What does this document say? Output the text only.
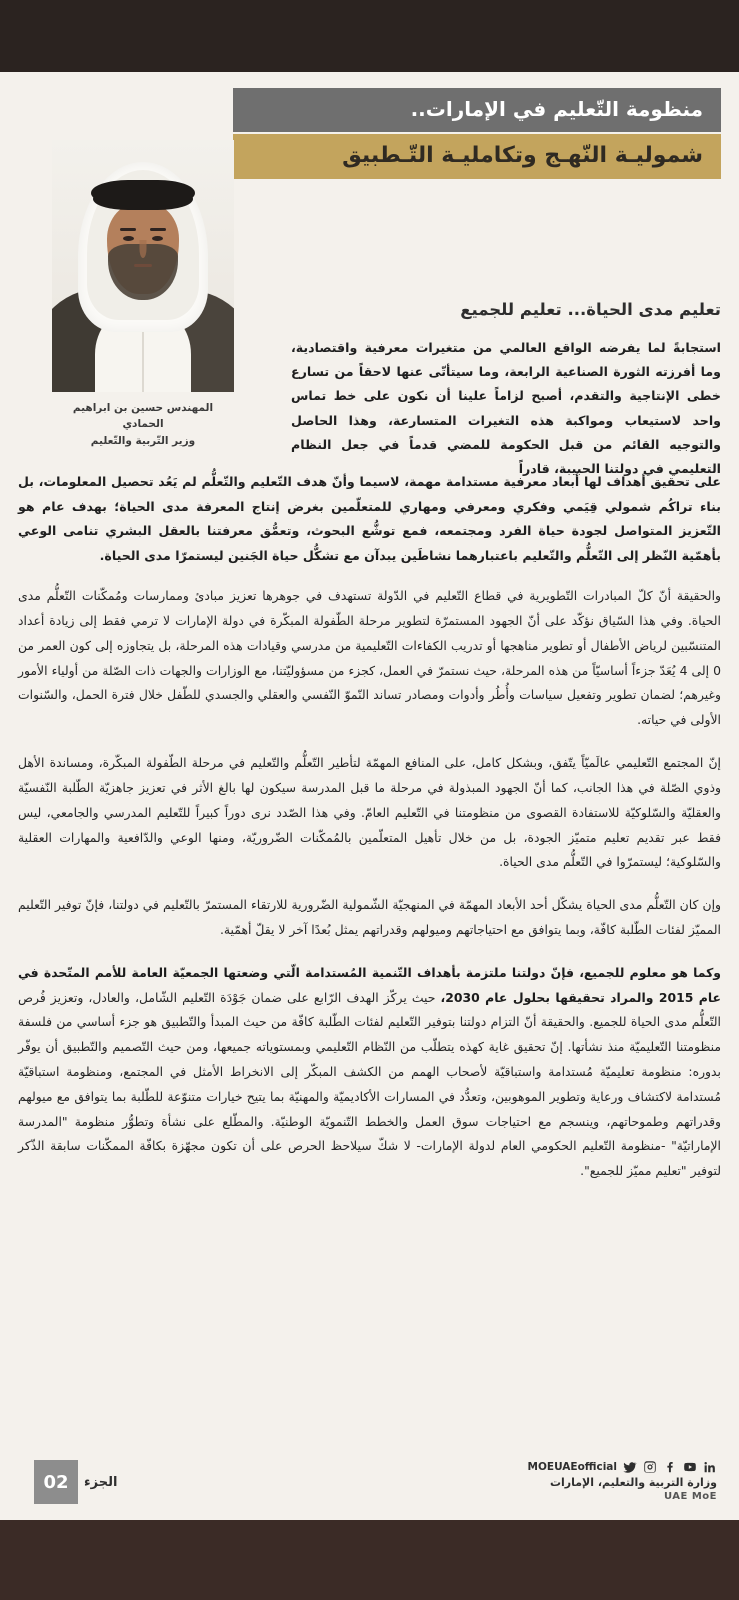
منظومة التّعليم في الإمارات..
شموليـة النّهـج وتكامليـة التّـطبيق
المهندس حسين بن ابراهيم الحمادي
وزير التّربية والتّعليم
تعليم مدى الحياة... تعليم للجميع
استجابةً لما يفرضه الواقع العالمي من متغيرات معرفية واقتصادية، وما أفرزته الثورة الصناعية الرابعة، وما سيتأتّى عنها لاحقاً من تسارع خطى الإنتاجية والتقدم، أصبح لزاماً علينا أن نكون على خط تماس واحد لاستيعاب ومواكبة هذه التغيرات المتسارعة، وهذا الحاصل والتوجيه القائم من قبل الحكومة للمضي قدماً في جعل النظام التعليمي في دولتنا الحبيبة، قادراً

على تحقيق أهداف لها أبعاد معرفية مستدامة مهمة، لاسيما وأنّ هدف التّعليم والتّعلُّم لم يَعُد تحصيل المعلومات، بل بناء تراكُم شمولي قِيَمي وفكري ومعرفي ومهاري للمتعلّمين بغرض إنتاج المعرفة مدى الحياة؛ بهدف عام هو التّعزيز المتواصل لجودة حياة الفرد ومجتمعه، فمع توشُّع البحوث، وتعمُّق معرفتنا بالعقل البشري تنامى الوعي بأهمّية النّظر إلى التّعلُّم والتّعليم باعتبارهما نشاطَين يبدآن مع تشكُّل حياة الجَنين ليستمرّا مدى الحياة.

والحقيقة أنّ كلّ المبادرات التّطويرية في قطاع التّعليم في الدّولة تستهدف في جوهرها تعزيز مبادئ وممارسات ومُمكّنات التّعلُّم مدى الحياة. وفي هذا السّياق نؤكّد على أنّ الجهود المستمرّة لتطوير مرحلة الطّفولة المبكّرة في دولة الإمارات لا ترمي فقط إلى زيادة أعداد المتنسّبين لرياض الأطفال أو تطوير مناهجها أو تدريب الكفاءات التّعليمية من مدرسي وقيادات هذه المرحلة، بل يتجاوزه إلى كون العمر من 0 إلى 4 يُعَدّ جزءاً أساسيّاً من هذه المرحلة، حيث نستمرّ في العمل، كجزء من مسؤوليّتنا، مع الوزارات والجهات ذات الصّلة من أولياء الأمور وغيرهم؛ لضمان تطوير وتفعيل سياسات وأُطُر وأدوات ومصادر تساند النّموّ النّفسي والعقلي والجسدي للطّفل خلال فترة الحمل، والسّنوات الأولى في حياته.

إنّ المجتمع التّعليمي عالَميّاً يتّفق، وبشكل كامل، على المنافع المهمّة لتأطير التّعلُّم والتّعليم في مرحلة الطّفولة المبكّرة، ومساندة الأهل وذوي الصّلة في هذا الجانب، كما أنّ الجهود المبذولة في مرحلة ما قبل المدرسة سيكون لها بالغ الأثر في تعزيز جاهزيّة الطّلبة النّفسيّة والعقليّة والسّلوكيّة للاستفادة القصوى من منظومتنا في التّعليم العامّ. وفي هذا الصّدد نرى دوراً كبيراً للتّعليم المدرسي والجامعي، ليس فقط عبر تقديم تعليم متميّز الجودة، بل من خلال تأهيل المتعلّمين بالمُمكّنات الضّروريّة، ومنها الوعي والدّافعية والمهارات العقلية والسّلوكية؛ ليستمرّوا في التّعلُّم مدى الحياة.

وإن كان التّعلُّم مدى الحياة يشكّل أحد الأبعاد المهمّة في المنهجيّة الشّمولية الضّرورية للارتقاء المستمرّ بالتّعليم في دولتنا، فإنّ توفير التّعليم المميّز لفئات الطّلبة كافّة، وبما يتوافق مع احتياجاتهم وميولهم وقدراتهم يمثل بُعدًا آخر لا يقلّ أهمّية.

وكما هو معلوم للجميع، فإنّ دولتنا ملتزمة بأهداف التّنمية المُستدامة الّتي وضعتها الجمعيّة العامة للأمم المتّحدة في عام 2015 والمراد تحقيقها بحلول عام 2030، حيث يركّز الهدف الرّابع على ضمان جَوْدَة التّعليم الشّامل، والعادل، وتعزيز فُرص التّعلُّم مدى الحياة للجميع. والحقيقة أنّ التزام دولتنا بتوفير التّعليم لفئات الطّلبة كافّة من حيث المبدأ والتّطبيق هو جزء أساسي من فلسفة منظومتنا التّعليميّة منذ نشأتها. إنّ تحقيق غاية كهذه يتطلّب من النّظام التّعليمي وبمستوياته جميعها، ومن حيث التّصميم والتّطبيق أن يوفّر بدوره: منظومة تعليميّة مُستدامة واستباقيّة لأصحاب الهمم من الكشف المبكّر إلى الانخراط الأمثل في المجتمع، ومنظومة استباقيّة مُستدامة لاكتشاف ورعاية وتطوير الموهوبين، وتعدُّد في المسارات الأكاديميّة والمهنيّة بما يتيح خيارات متنوّعة للطّلبة بما يتوافق مع ميولهم وقدراتهم وطموحاتهم، وينسجم مع احتياجات سوق العمل والخطط التّنمويّة الوطنيّة. والمطّلع على نشأة وتطوُّر منظومة "المدرسة الإماراتيّة" -منظومة التّعليم الحكومي العام لدولة الإمارات- لا شكّ سيلاحظ الحرص على أن تكون مجهّزة بكافّة الممكّنات سابقة الذّكر لتوفير "تعليم مميّز للجميع".

02	الجزء
MOEUAEofficial
وزارة التربية والتعليم، الإمارات
UAE MoE
